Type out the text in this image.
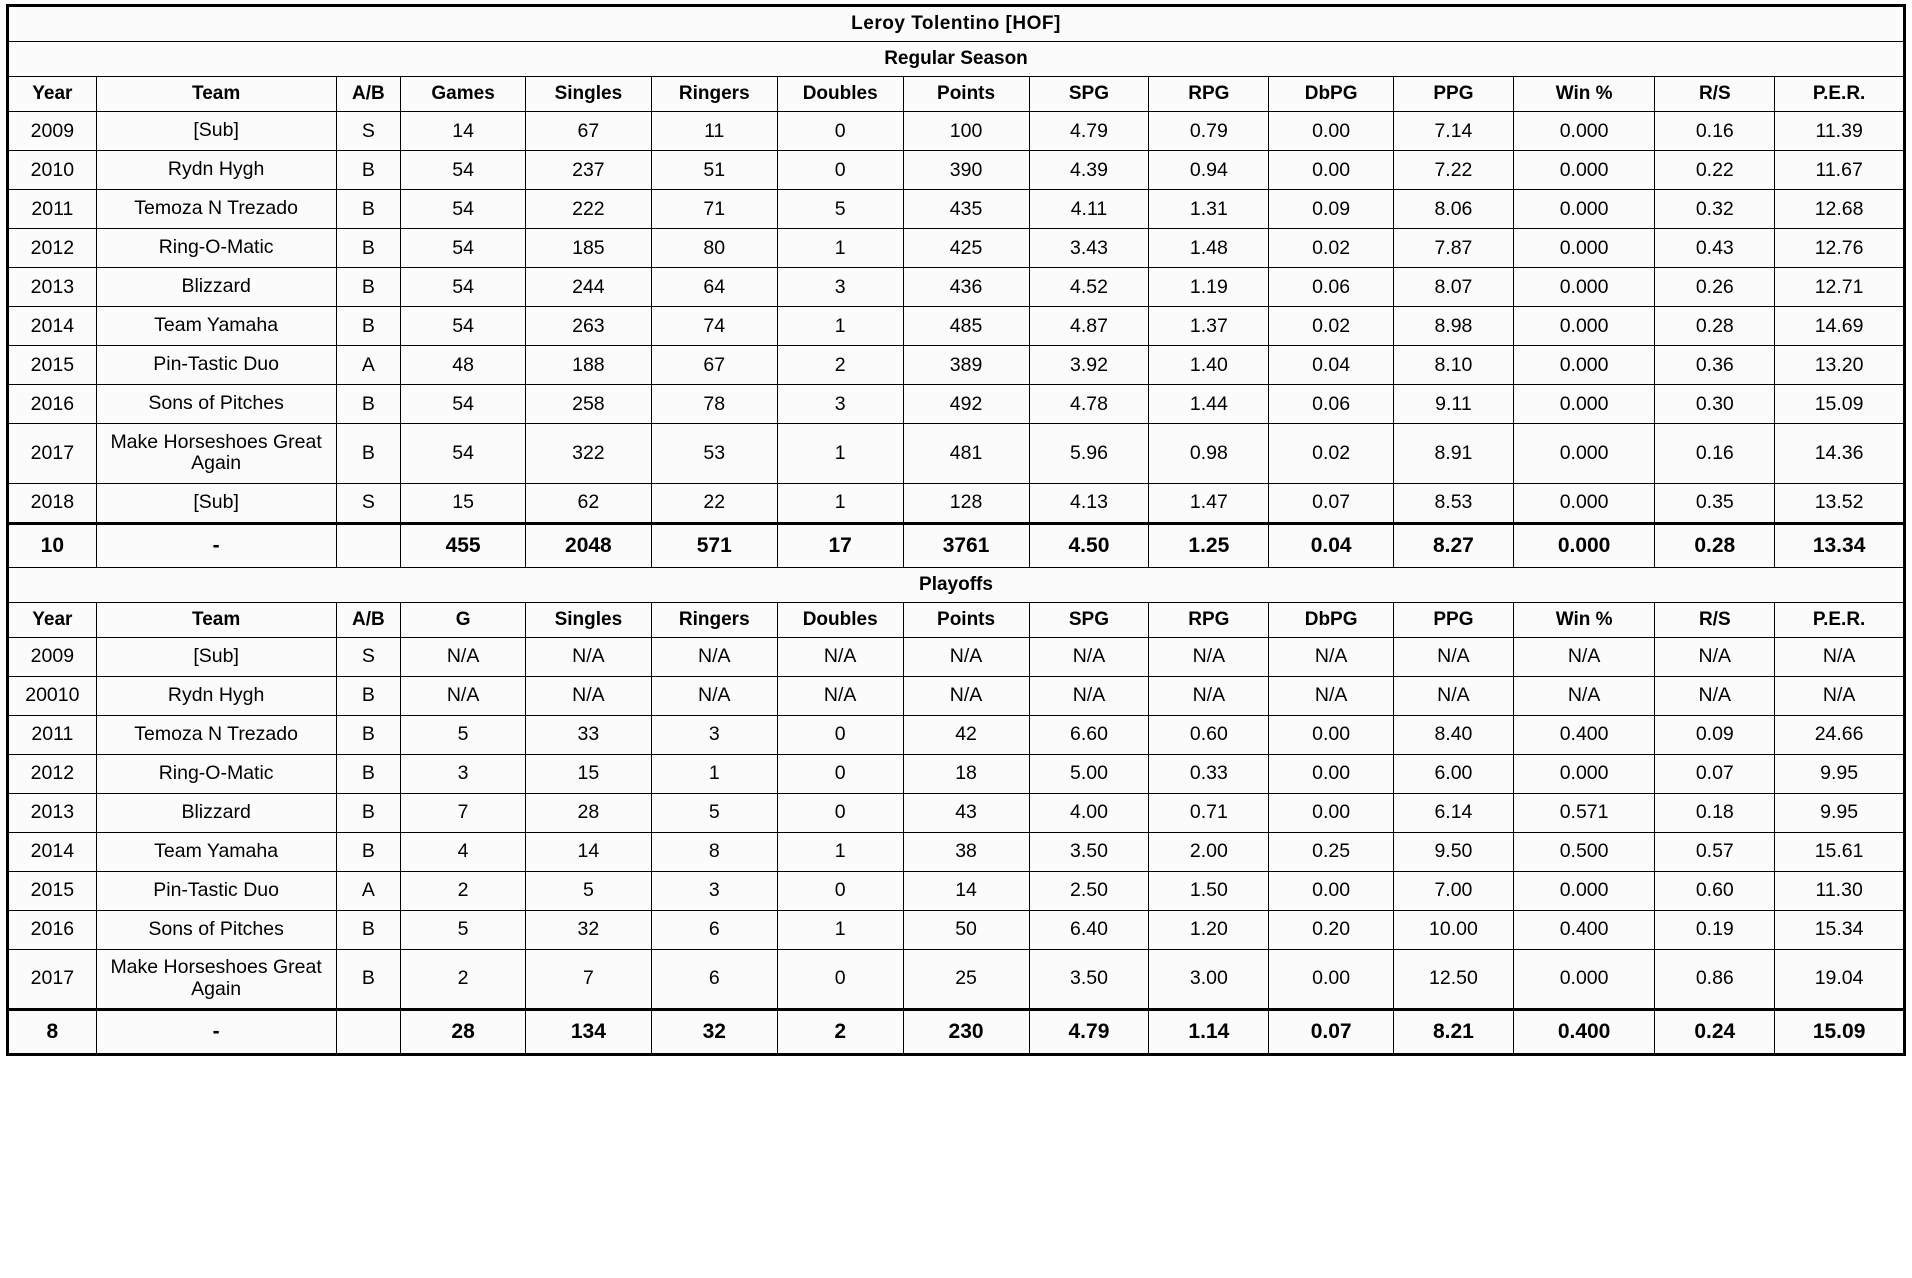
Leroy Tolentino [HOF]														
Regular Season														
Year	Team	A/B	Games	Singles	Ringers	Doubles	Points	SPG	RPG	DbPG	PPG	Win %	R/S	P.E.R.
2009	[Sub]	S	14	67	11	0	100	4.79	0.79	0.00	7.14	0.000	0.16	11.39
2010	Rydn Hygh	B	54	237	51	0	390	4.39	0.94	0.00	7.22	0.000	0.22	11.67
2011	Temoza N Trezado	B	54	222	71	5	435	4.11	1.31	0.09	8.06	0.000	0.32	12.68
2012	Ring-O-Matic	B	54	185	80	1	425	3.43	1.48	0.02	7.87	0.000	0.43	12.76
2013	Blizzard	B	54	244	64	3	436	4.52	1.19	0.06	8.07	0.000	0.26	12.71
2014	Team Yamaha	B	54	263	74	1	485	4.87	1.37	0.02	8.98	0.000	0.28	14.69
2015	Pin-Tastic Duo	A	48	188	67	2	389	3.92	1.40	0.04	8.10	0.000	0.36	13.20
2016	Sons of Pitches	B	54	258	78	3	492	4.78	1.44	0.06	9.11	0.000	0.30	15.09
2017	Make Horseshoes Great Again	B	54	322	53	1	481	5.96	0.98	0.02	8.91	0.000	0.16	14.36
2018	[Sub]	S	15	62	22	1	128	4.13	1.47	0.07	8.53	0.000	0.35	13.52
10	-		455	2048	571	17	3761	4.50	1.25	0.04	8.27	0.000	0.28	13.34
Playoffs														
Year	Team	A/B	G	Singles	Ringers	Doubles	Points	SPG	RPG	DbPG	PPG	Win %	R/S	P.E.R.
2009	[Sub]	S	N/A	N/A	N/A	N/A	N/A	N/A	N/A	N/A	N/A	N/A	N/A	N/A
20010	Rydn Hygh	B	N/A	N/A	N/A	N/A	N/A	N/A	N/A	N/A	N/A	N/A	N/A	N/A
2011	Temoza N Trezado	B	5	33	3	0	42	6.60	0.60	0.00	8.40	0.400	0.09	24.66
2012	Ring-O-Matic	B	3	15	1	0	18	5.00	0.33	0.00	6.00	0.000	0.07	9.95
2013	Blizzard	B	7	28	5	0	43	4.00	0.71	0.00	6.14	0.571	0.18	9.95
2014	Team Yamaha	B	4	14	8	1	38	3.50	2.00	0.25	9.50	0.500	0.57	15.61
2015	Pin-Tastic Duo	A	2	5	3	0	14	2.50	1.50	0.00	7.00	0.000	0.60	11.30
2016	Sons of Pitches	B	5	32	6	1	50	6.40	1.20	0.20	10.00	0.400	0.19	15.34
2017	Make Horseshoes Great Again	B	2	7	6	0	25	3.50	3.00	0.00	12.50	0.000	0.86	19.04
8	-		28	134	32	2	230	4.79	1.14	0.07	8.21	0.400	0.24	15.09
